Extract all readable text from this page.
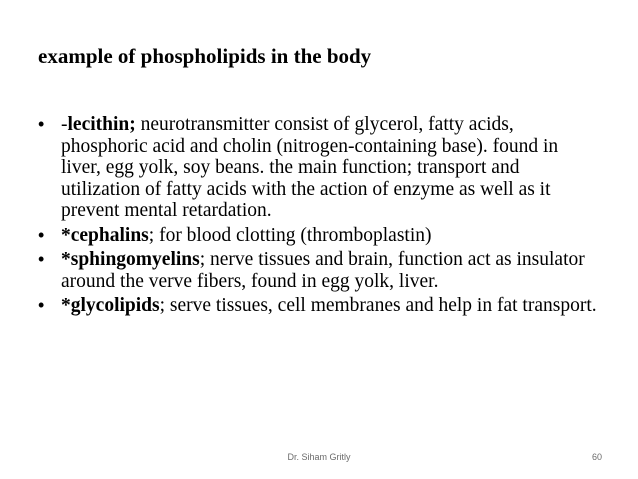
example of phospholipids in the body
• -lecithin; neurotransmitter consist of glycerol, fatty acids, phosphoric acid and cholin (nitrogen-containing base). found in liver, egg yolk, soy beans. the main function; transport and utilization of fatty acids with the action of enzyme as well as it prevent mental retardation.
• *cephalins; for blood clotting (thromboplastin)
• *sphingomyelins; nerve tissues and brain, function act as insulator around the verve fibers, found in egg yolk, liver.
• *glycolipids; serve tissues, cell membranes and help in fat transport.
Dr. Siham Gritly	60
